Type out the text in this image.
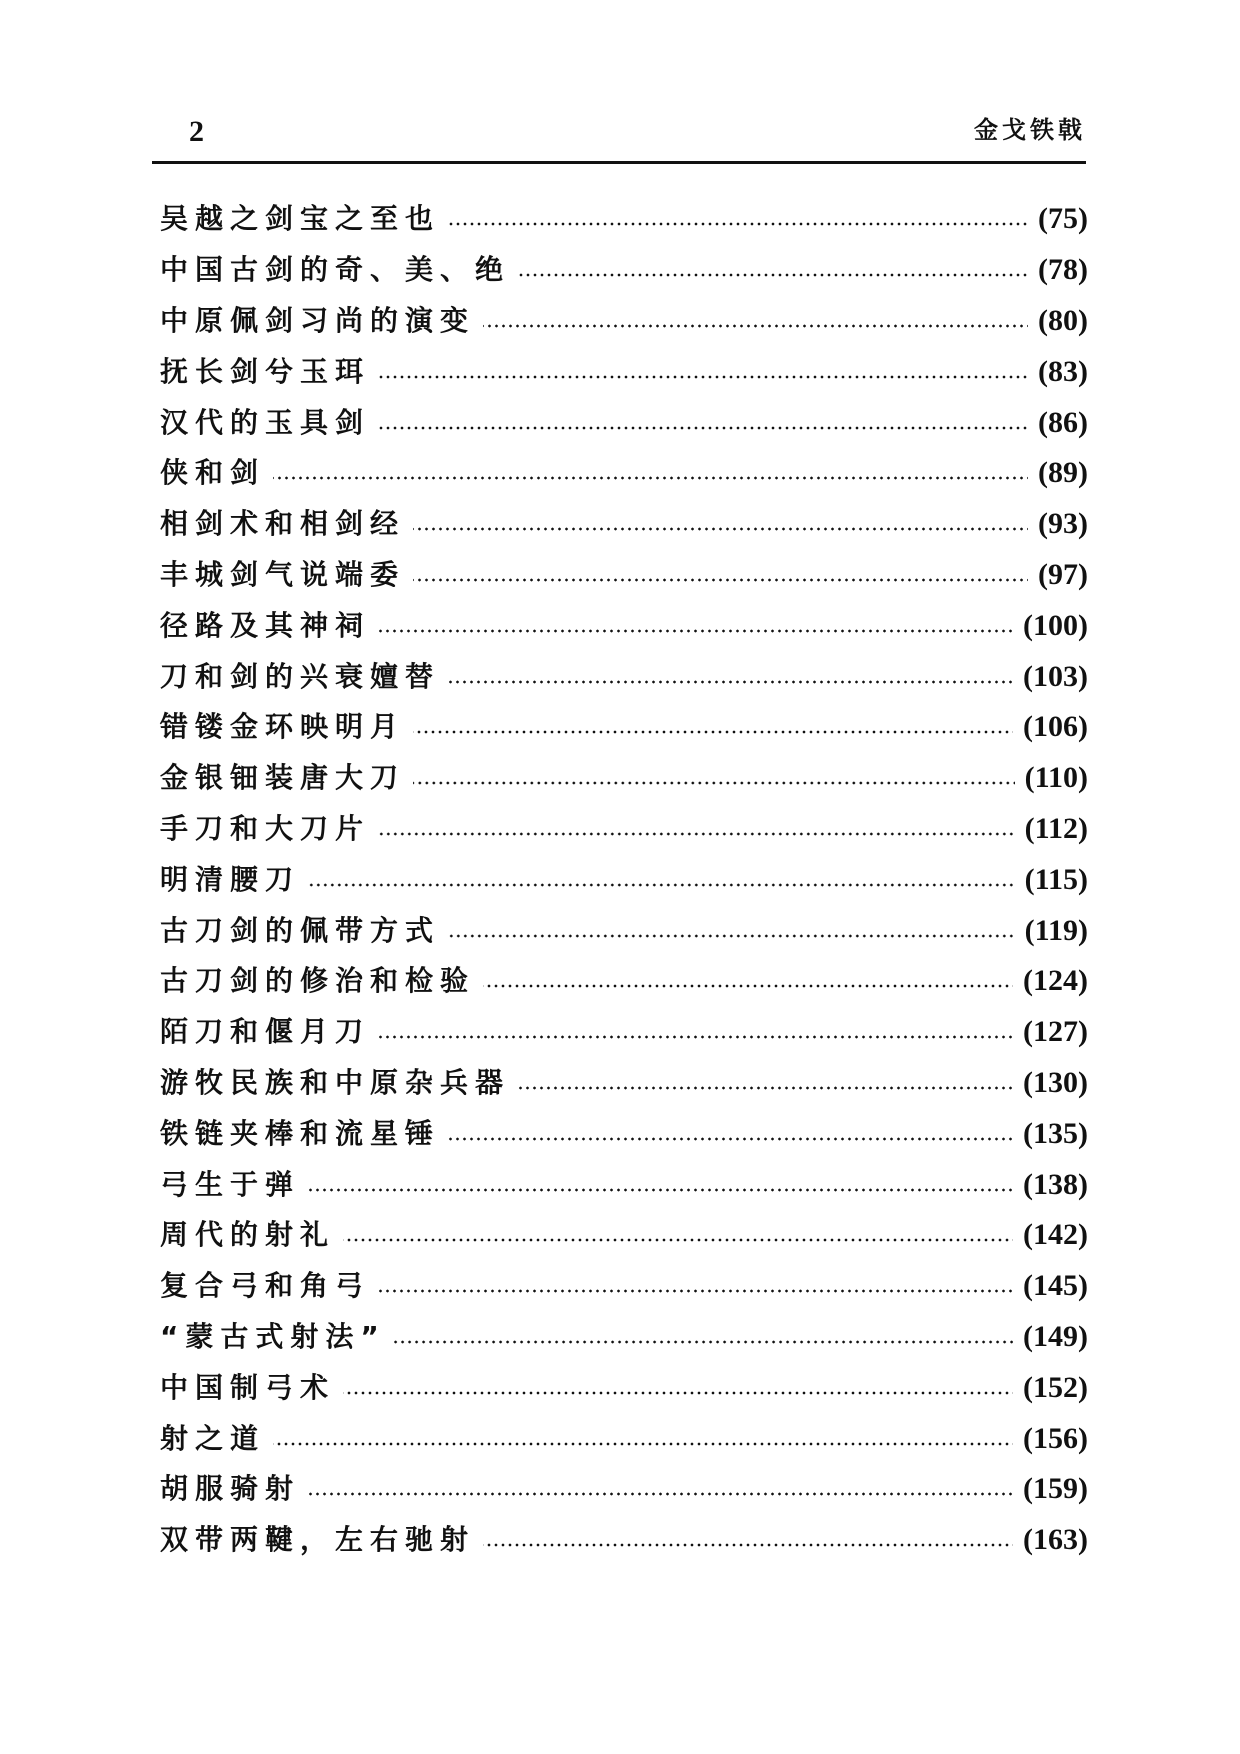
2	金戈铁戟
吴越之剑宝之至也	(75)
中国古剑的奇、美、绝	(78)
中原佩剑习尚的演变	(80)
抚长剑兮玉珥	(83)
汉代的玉具剑	(86)
侠和剑	(89)
相剑术和相剑经	(93)
丰城剑气说端委	(97)
径路及其神祠	(100)
刀和剑的兴衰嬗替	(103)
错镂金环映明月	(106)
金银钿装唐大刀	(110)
手刀和大刀片	(112)
明清腰刀	(115)
古刀剑的佩带方式	(119)
古刀剑的修治和检验	(124)
陌刀和偃月刀	(127)
游牧民族和中原杂兵器	(130)
铁链夹棒和流星锤	(135)
弓生于弹	(138)
周代的射礼	(142)
复合弓和角弓	(145)
“蒙古式射法”	(149)
中国制弓术	(152)
射之道	(156)
胡服骑射	(159)
双带两鞬，左右驰射	(163)
